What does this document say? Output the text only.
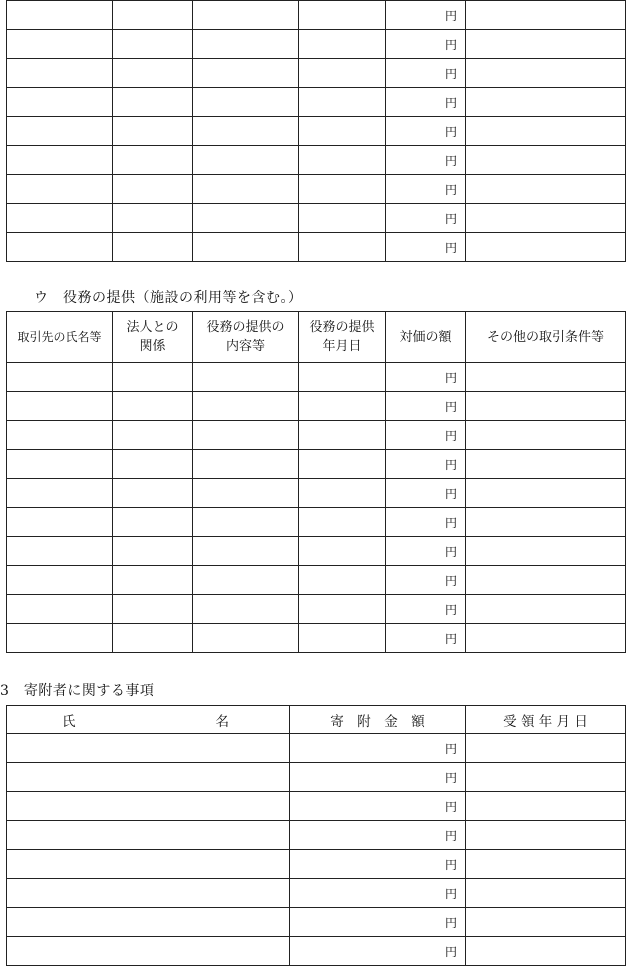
				円	
				円	
				円	
				円	
				円	
				円	
				円	
				円	
				円	
ウ　役務の提供（施設の利用等を含む。）
取引先の氏名等	法人との関係	役務の提供の内容等	役務の提供年月日	対価の額	その他の取引条件等
				円	
				円	
				円	
				円	
				円	
				円	
				円	
				円	
				円	
				円	
3　寄附者に関する事項
氏 名	寄　附　金　額	受 領 年 月 日
	円	
	円	
	円	
	円	
	円	
	円	
	円	
	円	
